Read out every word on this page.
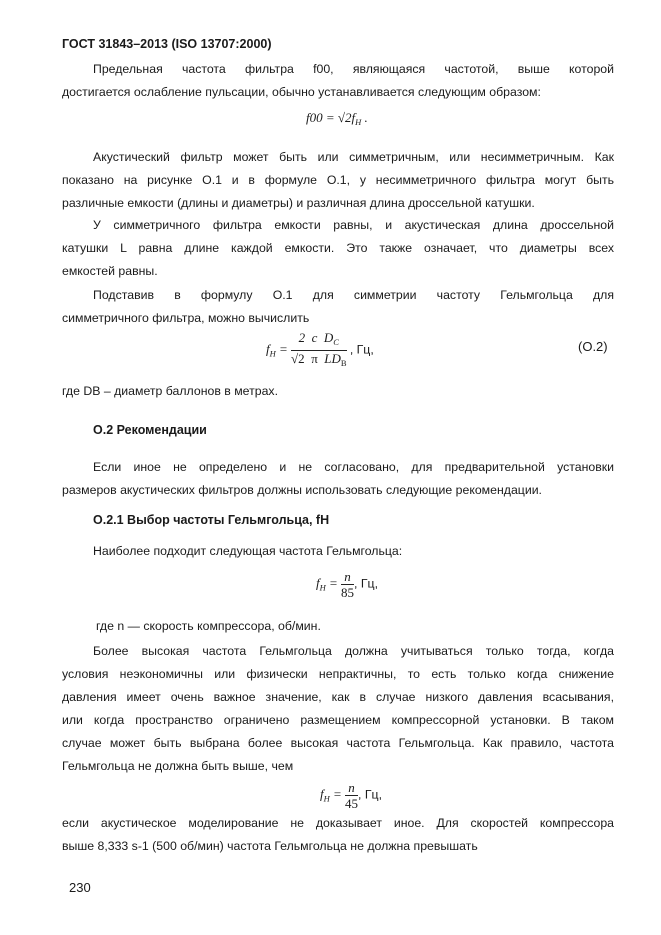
ГОСТ 31843–2013 (ISO 13707:2000)
Предельная частота фильтра f00, являющаяся частотой, выше которой
достигается ослабление пульсации, обычно устанавливается следующим образом:
$f00 = √2f_H$ .
Акустический фильтр может быть или симметричным, или несимметричным. Как
показано на рисунке О.1 и в формуле О.1, у несимметричного фильтра могут быть
различные емкости (длины и диаметры) и различная длина дроссельной катушки.
У симметричного фильтра емкости равны, и акустическая длина дроссельной
катушки L равна длине каждой емкости. Это также означает, что диаметры всех
емкостей равны.
Подставив в формулу О.1 для симметрии частоту Гельмгольца для
симметричного фильтра, можно вычислить
$f_H = \frac{2 c D_C}{√2 \pi LD_B}$ , Гц,	(О.2)
где DB – диаметр баллонов в метрах.
О.2 Рекомендации
Если иное не определено и не согласовано, для предварительной установки
размеров акустических фильтров должны использовать следующие рекомендации.
О.2.1 Выбор частоты Гельмгольца, fH
Наиболее подходит следующая частота Гельмгольца:
$f_H = \frac{n}{85}$ , Гц,
где n — скорость компрессора, об/мин.
Более высокая частота Гельмгольца должна учитываться только тогда, когда
условия неэкономичны или физически непрактичны, то есть только когда снижение
давления имеет очень важное значение, как в случае низкого давления всасывания,
или когда пространство ограничено размещением компрессорной установки. В таком
случае может быть выбрана более высокая частота Гельмгольца. Как правило, частота
Гельмгольца не должна быть выше, чем
$f_H = \frac{n}{45}$ , Гц,
если акустическое моделирование не доказывает иное. Для скоростей компрессора
выше 8,333 s-1 (500 об/мин) частота Гельмгольца не должна превышать
230
